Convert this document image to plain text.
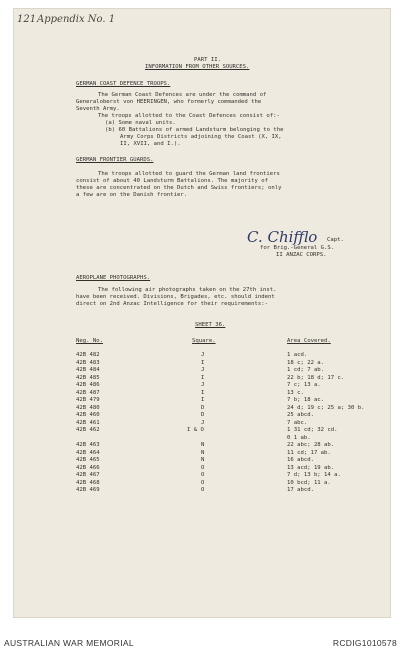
121 Appendix No. 1
PART II.
INFORMATION FROM OTHER SOURCES.
GERMAN COAST DEFENCE TROOPS.
The German Coast Defences are under the command of
Generaloberst von HEERINGEN, who formerly commanded the
Seventh Army.
The troops allotted to the Coast Defences consist of:-
(a) Some naval units.
(b) 60 Battalions of armed Landsturm belonging to the
Army Corps Districts adjoining the Coast (X, IX,
II, XVII, and I.).
GERMAN FRONTIER GUARDS.
The troops allotted to guard the German land frontiers
consist of about 40 Landsturm Battalions. The majority of
these are concentrated on the Dutch and Swiss frontiers; only
a few are on the Danish frontier.
C. Chifflo Capt.
for Brig.-General G.S.
II ANZAC CORPS.
AEROPLANE PHOTOGRAPHS.
The following air photographs taken on the 27th inst.
have been received. Divisions, Brigades, etc. should indent
direct on 2nd Anzac Intelligence for their requirements:-
SHEET 36.
Neg. No.	Square.	Area Covered.
42B 482	J	1 acd.
42B 483	I	18 c; 22 a.
42B 484	J	1 cd; 7 ab.
42B 485	I	22 b; 18 d; 17 c.
42B 486	J	7 c; 13 a.
42B 487	I	13 c.
42B 479	I	7 b; 18 ac.
42B 480	D	24 d; 19 c; 25 a; 30 b.
42B 460	D	25 abcd.
42B 461	J	7 abc.
42B 462	I & O	1 31 cd; 32 cd.
0 1 ab.
42B 463	N	22 abc; 28 ab.
42B 464	N	11 cd; 17 ab.
42B 465	N	16 abcd.
42B 466	O	13 acd; 19 ab.
42B 467	O	7 d; 13 b; 14 a.
42B 468	O	10 bcd; 11 a.
42B 469	O	17 abcd.
AUSTRALIAN WAR MEMORIAL	RCDIG1010578
